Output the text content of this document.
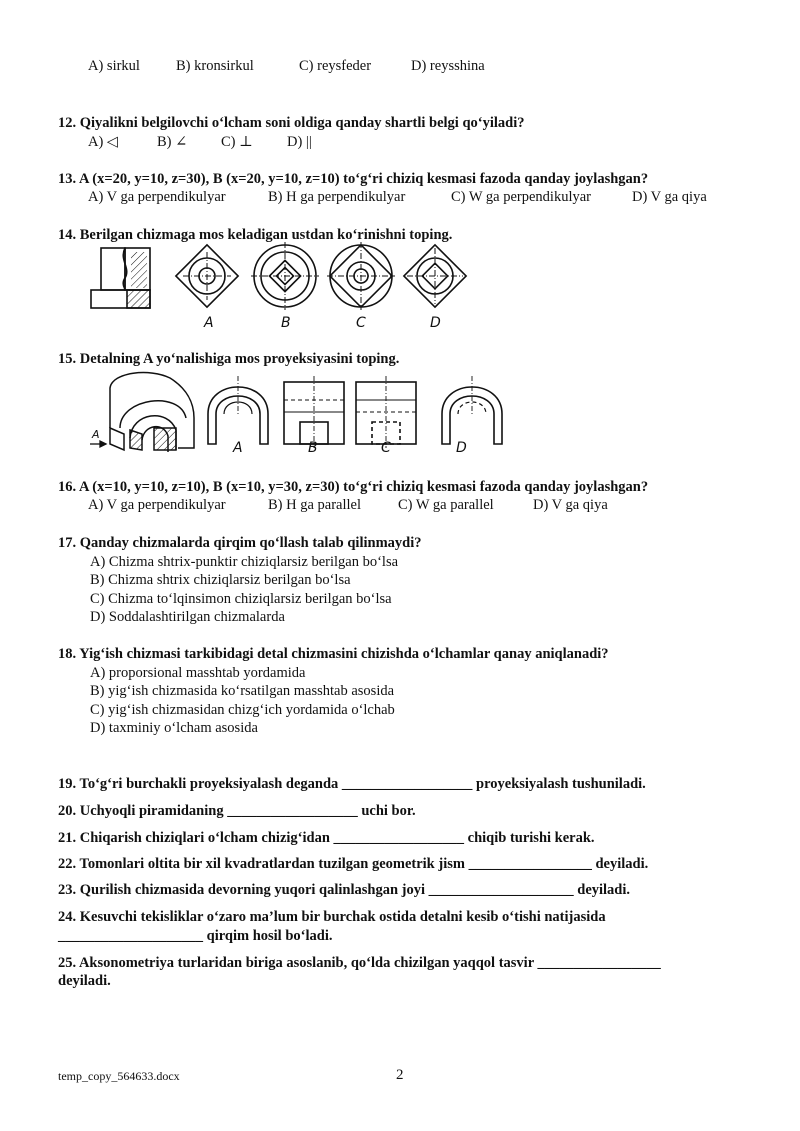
A) sirkul B) kronsirkul	C) reysfeder	D) reysshina
12. Qiyalikni belgilovchi o‘lcham soni oldiga qanday shartli belgi qo‘yiladi?
A) ◁	B) ∠ C) ⊥ D) ||
13. A (x=20, y=10, z=30), B (x=20, y=10, z=10) to‘g‘ri chiziq kesmasi fazoda qanday joylashgan?
A) V ga perpendikulyar	B) H ga perpendikulyar	C) W ga perpendikulyar	D) V ga qiya
14. Berilgan chizmaga mos keladigan ustdan ko‘rinishni toping.
A	B	C	D
15. Detalning A yo‘nalishiga mos proyeksiyasini toping.
A
A	B	C	D
16. A (x=10, y=10, z=10), B (x=10, y=30, z=30) to‘g‘ri chiziq kesmasi fazoda qanday joylashgan?
A) V ga perpendikulyar	B) H ga parallel	C) W ga parallel	D) V ga qiya
17. Qanday chizmalarda qirqim qo‘llash talab qilinmaydi?
A) Chizma shtrix-punktir chiziqlarsiz berilgan bo‘lsa
B) Chizma shtrix chiziqlarsiz berilgan bo‘lsa
C) Chizma to‘lqinsimon chiziqlarsiz berilgan bo‘lsa
D) Soddalashtirilgan chizmalarda
18. Yig‘ish chizmasi tarkibidagi detal chizmasini chizishda o‘lchamlar qanay aniqlanadi?
A) proporsional masshtab yordamida
B) yig‘ish chizmasida ko‘rsatilgan masshtab asosida
C) yig‘ish chizmasidan chizg‘ich yordamida o‘lchab
D) taxminiy o‘lcham asosida
19. To‘g‘ri burchakli proyeksiyalash deganda __________________ proyeksiyalash tushuniladi.
20. Uchyoqli piramidaning __________________ uchi bor.
21. Chiqarish chiziqlari o‘lcham chizig‘idan __________________ chiqib turishi kerak.
22. Tomonlari oltita bir xil kvadratlardan tuzilgan geometrik jism _________________ deyiladi.
23. Qurilish chizmasida devorning yuqori qalinlashgan joyi ____________________ deyiladi.
24. Kesuvchi tekisliklar o‘zaro ma’lum bir burchak ostida detalni kesib o‘tishi natijasida
____________________ qirqim hosil bo‘ladi.
25. Aksonometriya turlaridan biriga asoslanib, qo‘lda chizilgan yaqqol tasvir _________________
deyiladi.
temp_copy_564633.docx	2
